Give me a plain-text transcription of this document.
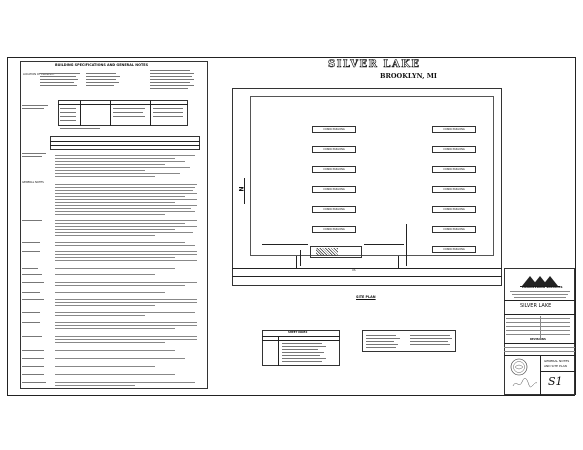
BUILDING SPECIFICATIONS AND GENERAL NOTES
LOCATION OF PROPERTY
GENERAL NOTES
SILVER LAKE
BROOKLYN, MI
CONDO BUILDING
CONDO BUILDING
CONDO BUILDING
CONDO BUILDING
CONDO BUILDING
CONDO BUILDING
CONDO BUILDING
CONDO BUILDING
CONDO BUILDING
CONDO BUILDING
CONDO BUILDING
CONDO BUILDING
CONDO BUILDING
US
N
SITE PLAN
SHEET INDEX
ENGINEERING SERVICES
SILVER LAKE
REVISIONS
GENERAL NOTES
AND SITE PLAN
S1
